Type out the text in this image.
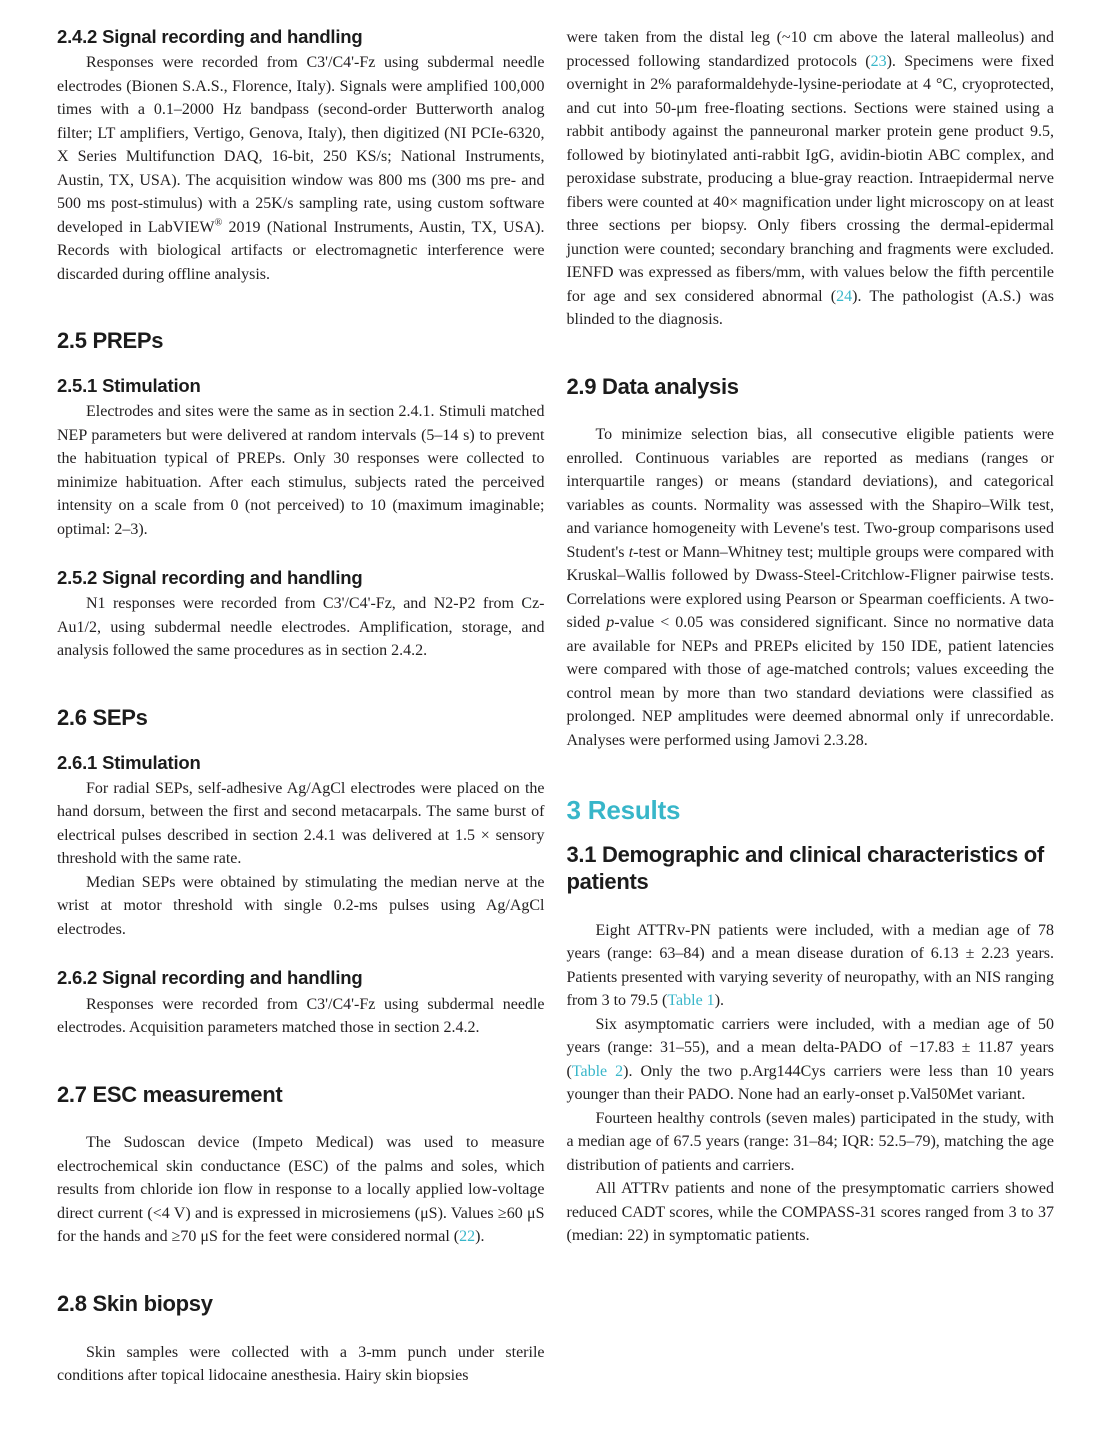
2.4.2 Signal recording and handling

Responses were recorded from C3'/C4'-Fz using subdermal needle electrodes (Bionen S.A.S., Florence, Italy). Signals were amplified 100,000 times with a 0.1–2000 Hz bandpass (second-order Butterworth analog filter; LT amplifiers, Vertigo, Genova, Italy), then digitized (NI PCIe-6320, X Series Multifunction DAQ, 16-bit, 250 KS/s; National Instruments, Austin, TX, USA). The acquisition window was 800 ms (300 ms pre- and 500 ms post-stimulus) with a 25K/s sampling rate, using custom software developed in LabVIEW® 2019 (National Instruments, Austin, TX, USA). Records with biological artifacts or electromagnetic interference were discarded during offline analysis.

2.5 PREPs
2.5.1 Stimulation

Electrodes and sites were the same as in section 2.4.1. Stimuli matched NEP parameters but were delivered at random intervals (5–14 s) to prevent the habituation typical of PREPs. Only 30 responses were collected to minimize habituation. After each stimulus, subjects rated the perceived intensity on a scale from 0 (not perceived) to 10 (maximum imaginable; optimal: 2–3).

2.5.2 Signal recording and handling

N1 responses were recorded from C3'/C4'-Fz, and N2-P2 from Cz-Au1/2, using subdermal needle electrodes. Amplification, storage, and analysis followed the same procedures as in section 2.4.2.

2.6 SEPs
2.6.1 Stimulation

For radial SEPs, self-adhesive Ag/AgCl electrodes were placed on the hand dorsum, between the first and second metacarpals. The same burst of electrical pulses described in section 2.4.1 was delivered at 1.5 × sensory threshold with the same rate.

Median SEPs were obtained by stimulating the median nerve at the wrist at motor threshold with single 0.2-ms pulses using Ag/AgCl electrodes.

2.6.2 Signal recording and handling

Responses were recorded from C3'/C4'-Fz using subdermal needle electrodes. Acquisition parameters matched those in section 2.4.2.

2.7 ESC measurement

The Sudoscan device (Impeto Medical) was used to measure electrochemical skin conductance (ESC) of the palms and soles, which results from chloride ion flow in response to a locally applied low-voltage direct current (<4 V) and is expressed in microsiemens (μS). Values ≥60 μS for the hands and ≥70 μS for the feet were considered normal (22).

2.8 Skin biopsy

Skin samples were collected with a 3-mm punch under sterile conditions after topical lidocaine anesthesia. Hairy skin biopsies

were taken from the distal leg (~10 cm above the lateral malleolus) and processed following standardized protocols (23). Specimens were fixed overnight in 2% paraformaldehyde-lysine-periodate at 4 °C, cryoprotected, and cut into 50-μm free-floating sections. Sections were stained using a rabbit antibody against the panneuronal marker protein gene product 9.5, followed by biotinylated anti-rabbit IgG, avidin-biotin ABC complex, and peroxidase substrate, producing a blue-gray reaction. Intraepidermal nerve fibers were counted at 40× magnification under light microscopy on at least three sections per biopsy. Only fibers crossing the dermal-epidermal junction were counted; secondary branching and fragments were excluded. IENFD was expressed as fibers/mm, with values below the fifth percentile for age and sex considered abnormal (24). The pathologist (A.S.) was blinded to the diagnosis.

2.9 Data analysis

To minimize selection bias, all consecutive eligible patients were enrolled. Continuous variables are reported as medians (ranges or interquartile ranges) or means (standard deviations), and categorical variables as counts. Normality was assessed with the Shapiro–Wilk test, and variance homogeneity with Levene's test. Two-group comparisons used Student's t-test or Mann–Whitney test; multiple groups were compared with Kruskal–Wallis followed by Dwass-Steel-Critchlow-Fligner pairwise tests. Correlations were explored using Pearson or Spearman coefficients. A two-sided p-value < 0.05 was considered significant. Since no normative data are available for NEPs and PREPs elicited by 150 IDE, patient latencies were compared with those of age-matched controls; values exceeding the control mean by more than two standard deviations were classified as prolonged. NEP amplitudes were deemed abnormal only if unrecordable. Analyses were performed using Jamovi 2.3.28.

3 Results
3.1 Demographic and clinical characteristics of patients

Eight ATTRv-PN patients were included, with a median age of 78 years (range: 63–84) and a mean disease duration of 6.13 ± 2.23 years. Patients presented with varying severity of neuropathy, with an NIS ranging from 3 to 79.5 (Table 1).

Six asymptomatic carriers were included, with a median age of 50 years (range: 31–55), and a mean delta-PADO of −17.83 ± 11.87 years (Table 2). Only the two p.Arg144Cys carriers were less than 10 years younger than their PADO. None had an early-onset p.Val50Met variant.

Fourteen healthy controls (seven males) participated in the study, with a median age of 67.5 years (range: 31–84; IQR: 52.5–79), matching the age distribution of patients and carriers.

All ATTRv patients and none of the presymptomatic carriers showed reduced CADT scores, while the COMPASS-31 scores ranged from 3 to 37 (median: 22) in symptomatic patients.
